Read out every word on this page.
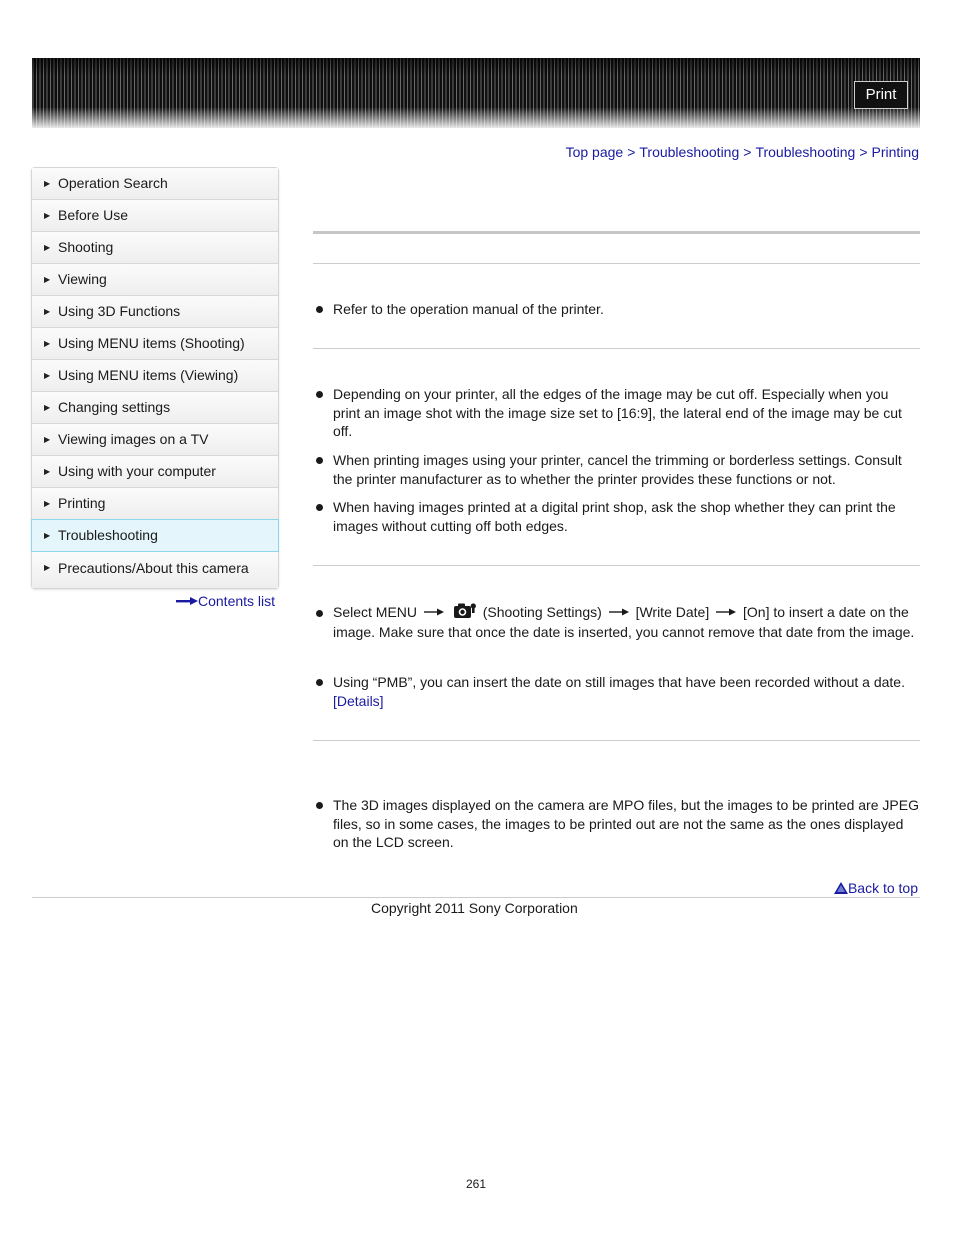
Print
Top page > Troubleshooting > Troubleshooting > Printing
▶ Operation Search
▶ Before Use
▶ Shooting
▶ Viewing
▶ Using 3D Functions
▶ Using MENU items (Shooting)
▶ Using MENU items (Viewing)
▶ Changing settings
▶ Viewing images on a TV
▶ Using with your computer
▶ Printing
▶ Troubleshooting
▶ Precautions/About this camera
Contents list
Refer to the operation manual of the printer.
Depending on your printer, all the edges of the image may be cut off. Especially when you print an image shot with the image size set to [16:9], the lateral end of the image may be cut off.
When printing images using your printer, cancel the trimming or borderless settings. Consult the printer manufacturer as to whether the printer provides these functions or not.
When having images printed at a digital print shop, ask the shop whether they can print the images without cutting off both edges.
Select MENU	(Shooting Settings) [Write Date] [On] to insert a date on the image. Make sure that once the date is inserted, you cannot remove that date from the image.
Using “PMB”, you can insert the date on still images that have been recorded without a date.
[Details]
The 3D images displayed on the camera are MPO files, but the images to be printed are JPEG files, so in some cases, the images to be printed out are not the same as the ones displayed on the LCD screen.
Back to top
Copyright 2011 Sony Corporation
261
